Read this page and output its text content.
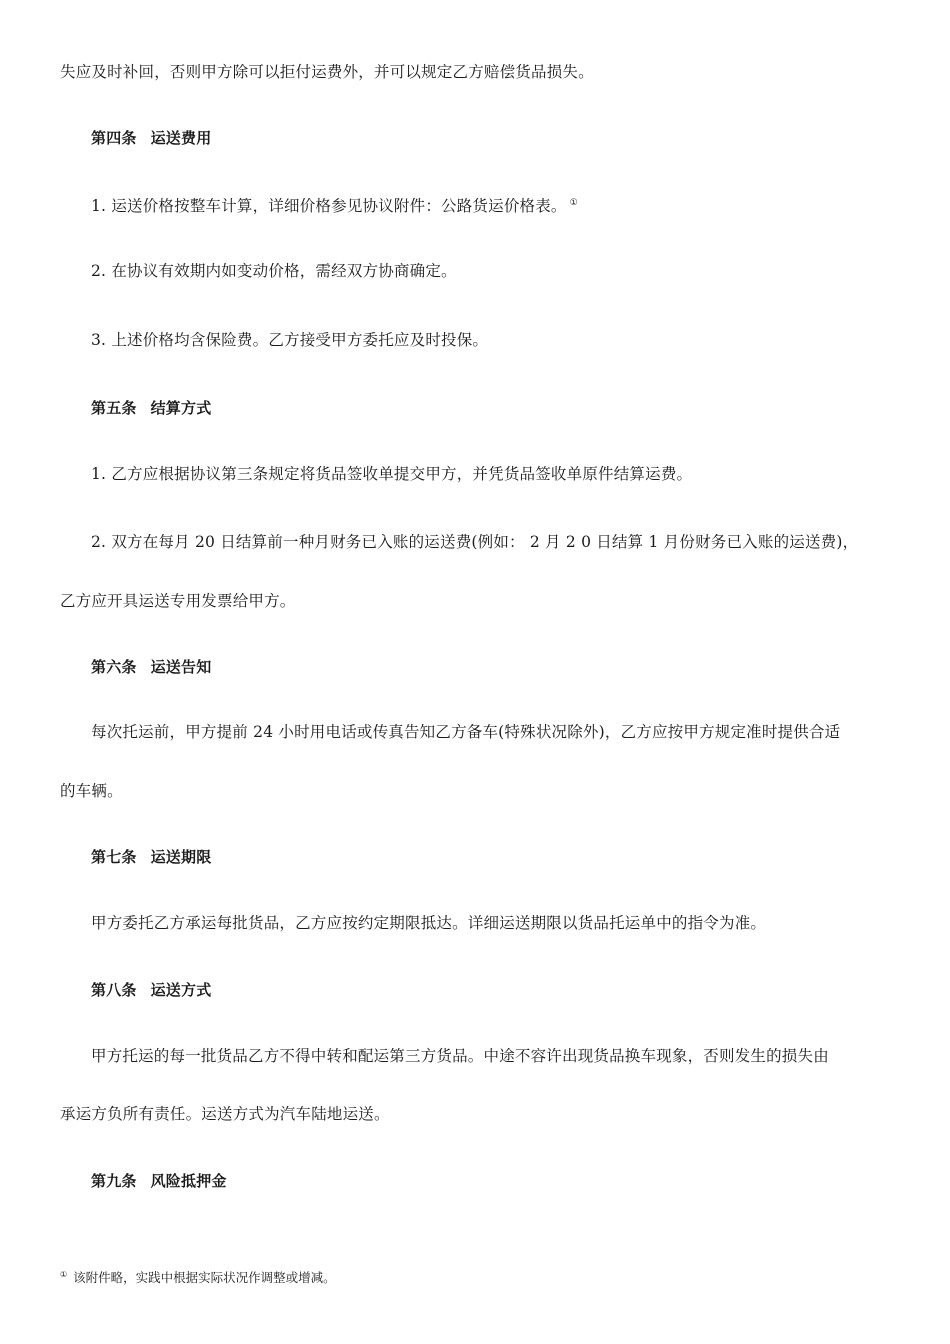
失应及时补回，否则甲方除可以拒付运费外，并可以规定乙方赔偿货品损失。
第四条 运送费用
1. 运送价格按整车计算，详细价格参见协议附件：公路货运价格表。 ①
2. 在协议有效期内如变动价格，需经双方协商确定。
3. 上述价格均含保险费。乙方接受甲方委托应及时投保。
第五条 结算方式
1. 乙方应根据协议第三条规定将货品签收单提交甲方，并凭货品签收单原件结算运费。
2. 双方在每月 20 日结算前一种月财务已入账的运送费(例如： 2 月 2 0 日结算 1 月份财务已入账的运送费)，
乙方应开具运送专用发票给甲方。
第六条 运送告知
每次托运前，甲方提前 24 小时用电话或传真告知乙方备车(特殊状况除外)，乙方应按甲方规定准时提供合适
的车辆。
第七条 运送期限
甲方委托乙方承运每批货品，乙方应按约定期限抵达。详细运送期限以货品托运单中的指令为准。
第八条 运送方式
甲方托运的每一批货品乙方不得中转和配运第三方货品。中途不容许出现货品换车现象，否则发生的损失由
承运方负所有责任。运送方式为汽车陆地运送。
第九条 风险抵押金
① 该附件略，实践中根据实际状况作调整或增减。
